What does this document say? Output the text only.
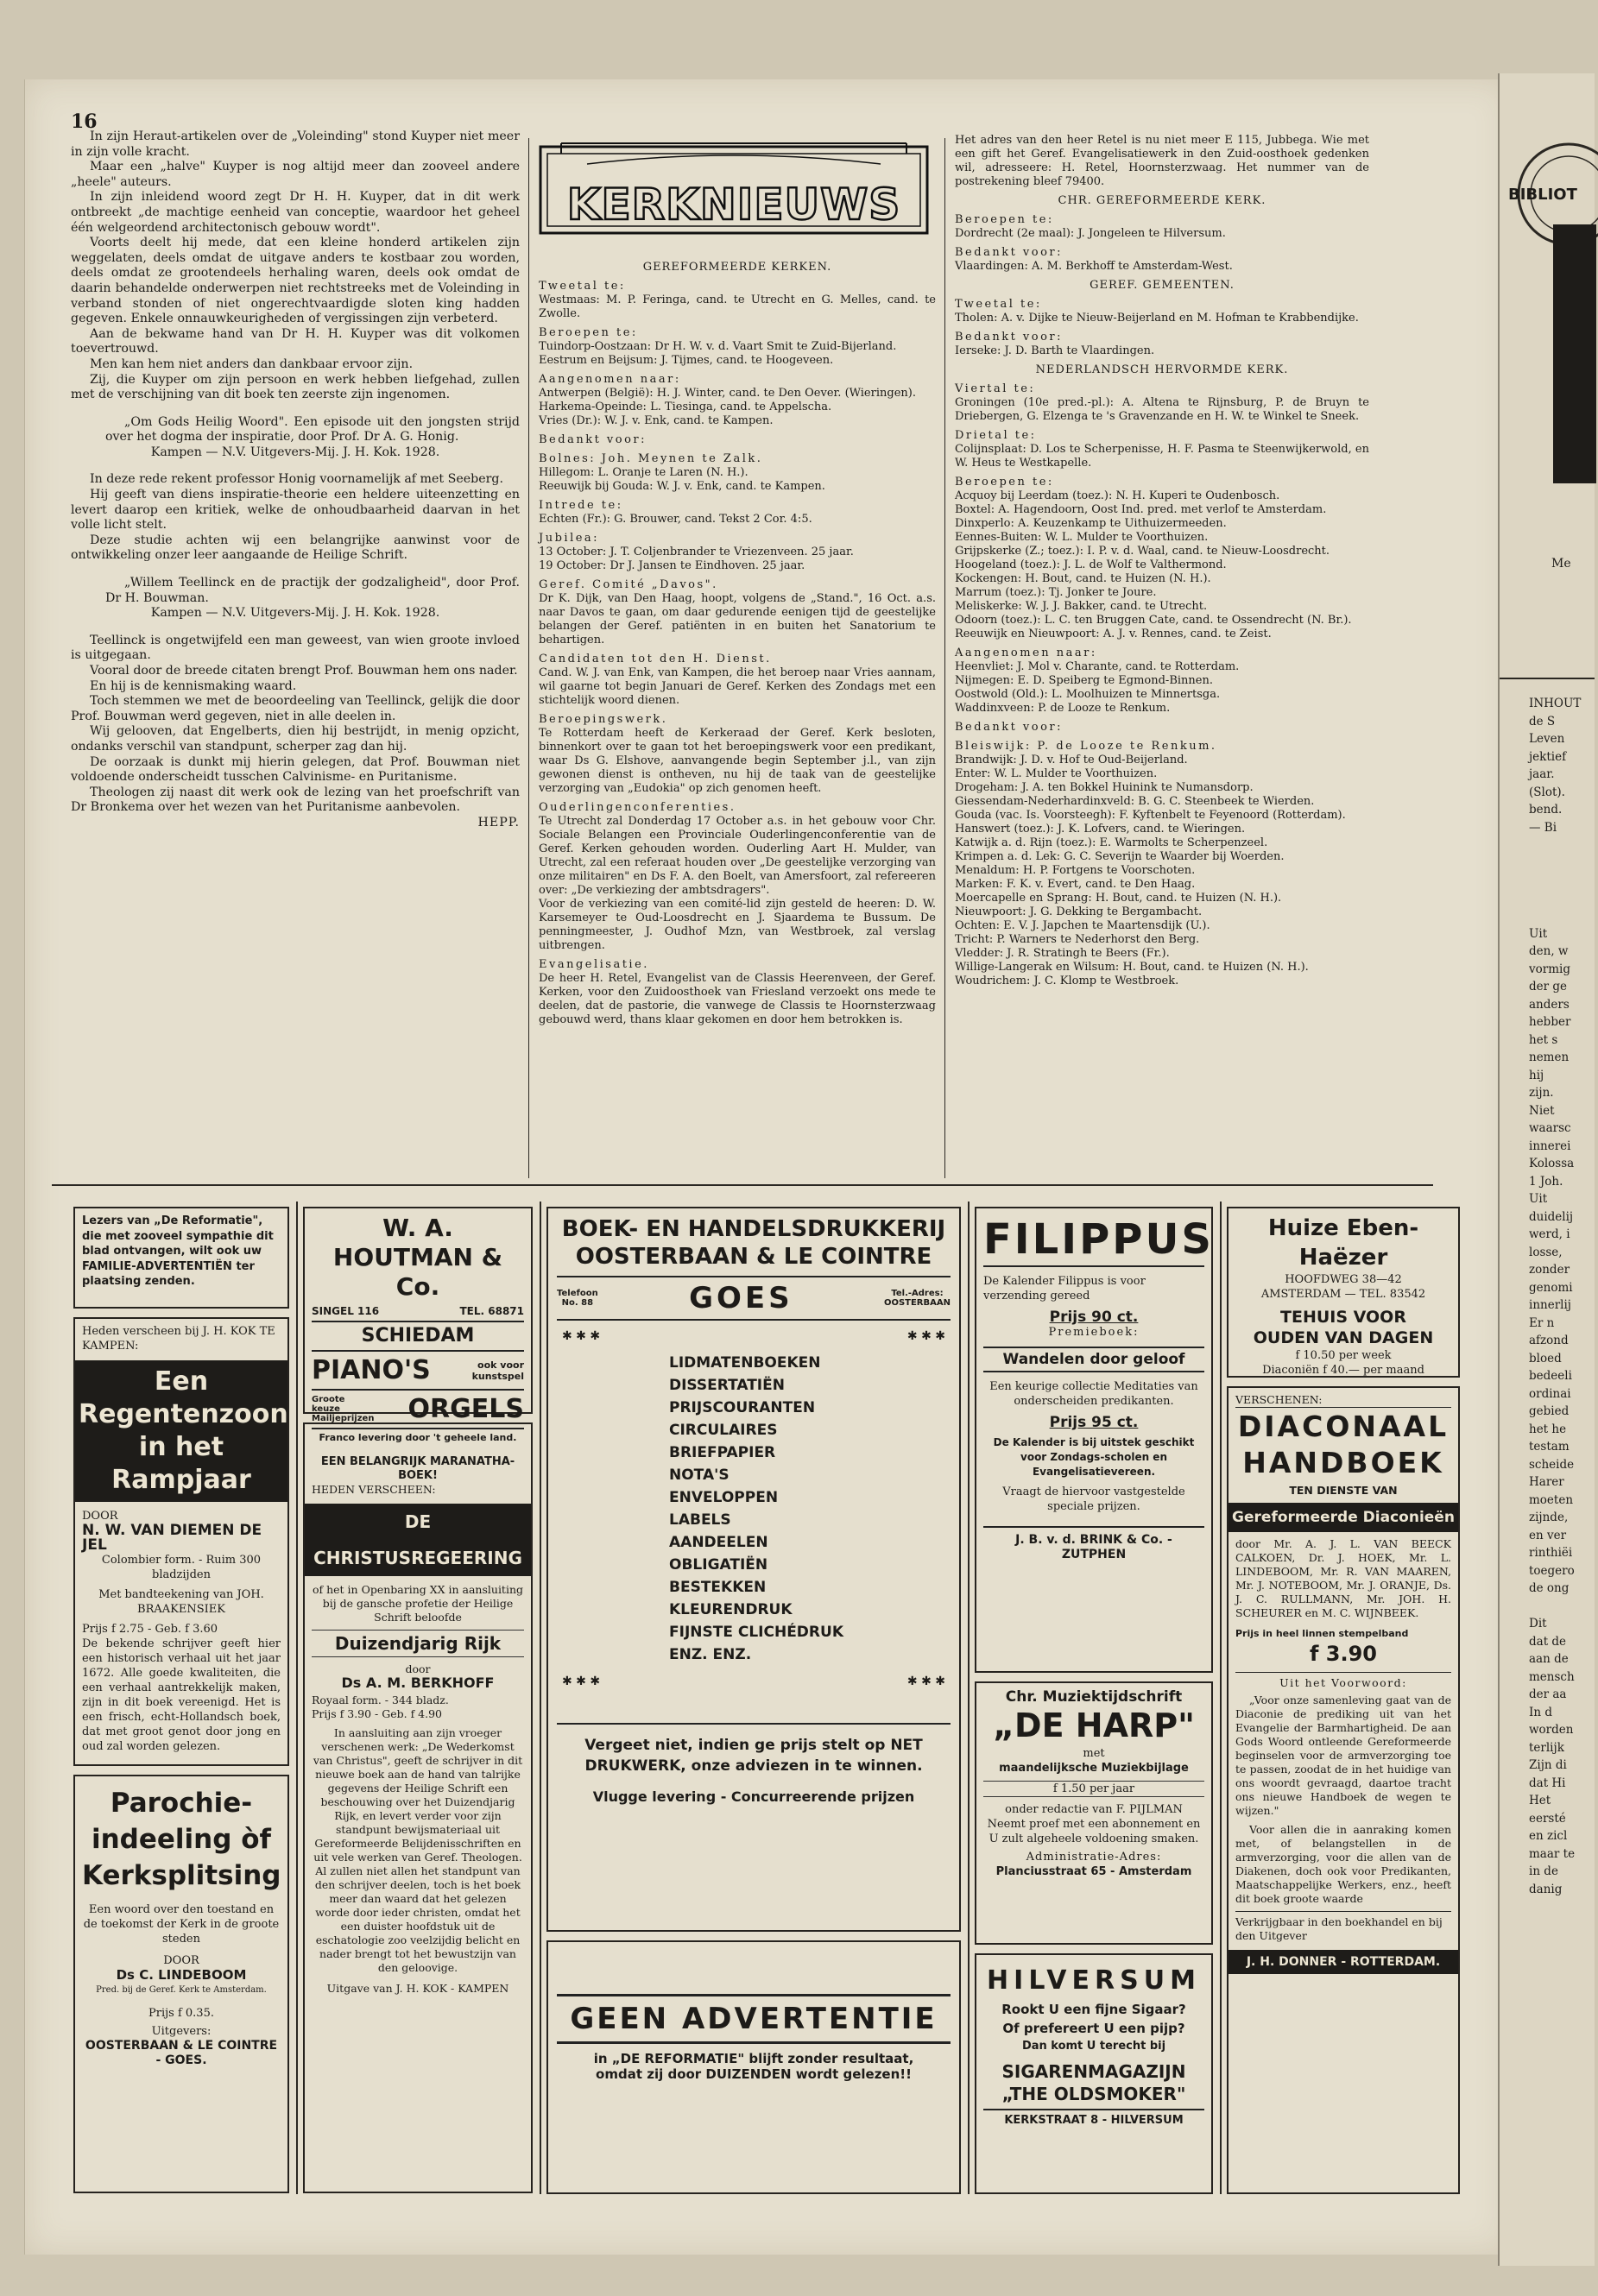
16

In zijn Heraut-artikelen over de „Voleinding" stond Kuyper niet meer in zijn volle kracht.

Maar een „halve" Kuyper is nog altijd meer dan zooveel andere „heele" auteurs.

In zijn inleidend woord zegt Dr H. H. Kuyper, dat in dit werk ontbreekt „de machtige eenheid van conceptie, waardoor het geheel één welgeordend architectonisch gebouw wordt".

Voorts deelt hij mede, dat een kleine honderd artikelen zijn weggelaten, deels omdat de uitgave anders te kostbaar zou worden, deels omdat ze grootendeels herhaling waren, deels ook omdat de daarin behandelde onderwerpen niet rechtstreeks met de Voleinding in verband stonden of niet ongerechtvaardigde sloten king hadden gegeven. Enkele onnauwkeurigheden of vergissingen zijn verbeterd.

Aan de bekwame hand van Dr H. H. Kuyper was dit volkomen toevertrouwd.

Men kan hem niet anders dan dankbaar ervoor zijn.

Zij, die Kuyper om zijn persoon en werk hebben liefgehad, zullen met de verschijning van dit boek ten zeerste zijn ingenomen.

„Om Gods Heilig Woord". Een episode uit den jongsten strijd over het dogma der inspiratie, door Prof. Dr A. G. Honig.

Kampen — N.V. Uitgevers-Mij. J. H. Kok. 1928.

In deze rede rekent professor Honig voornamelijk af met Seeberg.

Hij geeft van diens inspiratie-theorie een heldere uiteenzetting en levert daarop een kritiek, welke de onhoudbaarheid daarvan in het volle licht stelt.

Deze studie achten wij een belangrijke aanwinst voor de ontwikkeling onzer leer aangaande de Heilige Schrift.

„Willem Teellinck en de practijk der godzaligheid", door Prof. Dr H. Bouwman.

Kampen — N.V. Uitgevers-Mij. J. H. Kok. 1928.

Teellinck is ongetwijfeld een man geweest, van wien groote invloed is uitgegaan.

Vooral door de breede citaten brengt Prof. Bouwman hem ons nader.

En hij is de kennismaking waard.

Toch stemmen we met de beoordeeling van Teellinck, gelijk die door Prof. Bouwman werd gegeven, niet in alle deelen in.

Wij gelooven, dat Engelberts, dien hij bestrijdt, in menig opzicht, ondanks verschil van standpunt, scherper zag dan hij.

De oorzaak is dunkt mij hierin gelegen, dat Prof. Bouwman niet voldoende onderscheidt tusschen Calvinisme- en Puritanisme.

Theologen zij naast dit werk ook de lezing van het proefschrift van Dr Bronkema over het wezen van het Puritanisme aanbevolen.

HEPP.

KERKNIEUWS
GEREFORMEERDE KERKEN.
Tweetal te:
Westmaas: M. P. Feringa, cand. te Utrecht en G. Melles, cand. te Zwolle.
Beroepen te:
Tuindorp-Oostzaan: Dr H. W. v. d. Vaart Smit te Zuid-Bijerland.
Eestrum en Beijsum: J. Tijmes, cand. te Hoogeveen.
Aangenomen naar:
Antwerpen (België): H. J. Winter, cand. te Den Oever. (Wieringen).
Harkema-Opeinde: L. Tiesinga, cand. te Appelscha.
Vries (Dr.): W. J. v. Enk, cand. te Kampen.
Bedankt voor:
Bolnes: Joh. Meynen te Zalk.
Hillegom: L. Oranje te Laren (N. H.).
Reeuwijk bij Gouda: W. J. v. Enk, cand. te Kampen.
Intrede te:
Echten (Fr.): G. Brouwer, cand. Tekst 2 Cor. 4:5.
Jubilea:
13 October: J. T. Coljenbrander te Vriezenveen. 25 jaar.
19 October: Dr J. Jansen te Eindhoven. 25 jaar.
Geref. Comité „Davos".
Dr K. Dijk, van Den Haag, hoopt, volgens de „Stand.", 16 Oct. a.s. naar Davos te gaan, om daar gedurende eenigen tijd de geestelijke belangen der Geref. patiënten in en buiten het Sanatorium te behartigen.
Candidaten tot den H. Dienst.
Cand. W. J. van Enk, van Kampen, die het beroep naar Vries aannam, wil gaarne tot begin Januari de Geref. Kerken des Zondags met een stichtelijk woord dienen.
Beroepingswerk.
Te Rotterdam heeft de Kerkeraad der Geref. Kerk besloten, binnenkort over te gaan tot het beroepingswerk voor een predikant, waar Ds G. Elshove, aanvangende begin September j.l., van zijn gewonen dienst is ontheven, nu hij de taak van de geestelijke verzorging van „Eudokia" op zich genomen heeft.
Ouderlingenconferenties.
Te Utrecht zal Donderdag 17 October a.s. in het gebouw voor Chr. Sociale Belangen een Provinciale Ouderlingenconferentie van de Geref. Kerken gehouden worden. Ouderling Aart H. Mulder, van Utrecht, zal een referaat houden over „De geestelijke verzorging van onze militairen" en Ds F. A. den Boelt, van Amersfoort, zal refereeren over: „De verkiezing der ambtsdragers".
Voor de verkiezing van een comité-lid zijn gesteld de heeren: D. W. Karsemeyer te Oud-Loosdrecht en J. Sjaardema te Bussum. De penningmeester, J. Oudhof Mzn, van Westbroek, zal verslag uitbrengen.
Evangelisatie.
De heer H. Retel, Evangelist van de Classis Heerenveen, der Geref. Kerken, voor den Zuidoosthoek van Friesland verzoekt ons mede te deelen, dat de pastorie, die vanwege de Classis te Hoornsterzwaag gebouwd werd, thans klaar gekomen en door hem betrokken is.
Het adres van den heer Retel is nu niet meer E 115, Jubbega. Wie met een gift het Geref. Evangelisatiewerk in den Zuid-oosthoek gedenken wil, adresseere: H. Retel, Hoornsterzwaag. Het nummer van de postrekening bleef 79400.
CHR. GEREFORMEERDE KERK.
Beroepen te:
Dordrecht (2e maal): J. Jongeleen te Hilversum.
Bedankt voor:
Vlaardingen: A. M. Berkhoff te Amsterdam-West.
GEREF. GEMEENTEN.
Tweetal te:
Tholen: A. v. Dijke te Nieuw-Beijerland en M. Hofman te Krabbendijke.
Bedankt voor:
Ierseke: J. D. Barth te Vlaardingen.
NEDERLANDSCH HERVORMDE KERK.
Viertal te:
Groningen (10e pred.-pl.): A. Altena te Rijnsburg, P. de Bruyn te Driebergen, G. Elzenga te 's Gravenzande en H. W. te Winkel te Sneek.
Drietal te:
Colijnsplaat: D. Los te Scherpenisse, H. F. Pasma te Steenwijkerwold, en W. Heus te Westkapelle.
Beroepen te:
Acquoy bij Leerdam (toez.): N. H. Kuperi te Oudenbosch.
Boxtel: A. Hagendoorn, Oost Ind. pred. met verlof te Amsterdam.
Dinxperlo: A. Keuzenkamp te Uithuizermeeden.
Eennes-Buiten: W. L. Mulder te Voorthuizen.
Grijpskerke (Z.; toez.): I. P. v. d. Waal, cand. te Nieuw-Loosdrecht.
Hoogeland (toez.): J. L. de Wolf te Valthermond.
Kockengen: H. Bout, cand. te Huizen (N. H.).
Marrum (toez.): Tj. Jonker te Joure.
Meliskerke: W. J. J. Bakker, cand. te Utrecht.
Odoorn (toez.): L. C. ten Bruggen Cate, cand. te Ossendrecht (N. Br.).
Reeuwijk en Nieuwpoort: A. J. v. Rennes, cand. te Zeist.
Aangenomen naar:
Heenvliet: J. Mol v. Charante, cand. te Rotterdam.
Nijmegen: E. D. Speiberg te Egmond-Binnen.
Oostwold (Old.): L. Moolhuizen te Minnertsga.
Waddinxveen: P. de Looze te Renkum.
Bedankt voor:
Bleiswijk: P. de Looze te Renkum.
Brandwijk: J. D. v. Hof te Oud-Beijerland.
Enter: W. L. Mulder te Voorthuizen.
Drogeham: J. A. ten Bokkel Huinink te Numansdorp.
Giessendam-Nederhardinxveld: B. G. C. Steenbeek te Wierden.
Gouda (vac. Is. Voorsteegh): F. Kyftenbelt te Feyenoord (Rotterdam).
Hanswert (toez.): J. K. Lofvers, cand. te Wieringen.
Katwijk a. d. Rijn (toez.): E. Warmolts te Scherpenzeel.
Krimpen a. d. Lek: G. C. Severijn te Waarder bij Woerden.
Menaldum: H. P. Fortgens te Voorschoten.
Marken: F. K. v. Evert, cand. te Den Haag.
Moercapelle en Sprang: H. Bout, cand. te Huizen (N. H.).
Nieuwpoort: J. G. Dekking te Bergambacht.
Ochten: E. V. J. Japchen te Maartensdijk (U.).
Tricht: P. Warners te Nederhorst den Berg.
Vledder: J. R. Stratingh te Beers (Fr.).
Willige-Langerak en Wilsum: H. Bout, cand. te Huizen (N. H.).
Woudrichem: J. C. Klomp te Westbroek.
Lezers van „De Reformatie", die met zooveel sympathie dit blad ontvangen, wilt ook uw FAMILIE-ADVERTENTIËN ter plaatsing zenden.
Heden verscheen bij J. H. KOK TE KAMPEN:
Een Regentenzoon in het Rampjaar
DOOR
N. W. VAN DIEMEN DE JEL
Colombier form. - Ruim 300 bladzijden
Met bandteekening van JOH. BRAAKENSIEK
Prijs f 2.75 - Geb. f 3.60
De bekende schrijver geeft hier een historisch verhaal uit het jaar 1672. Alle goede kwaliteiten, die een verhaal aantrekkelijk maken, zijn in dit boek vereenigd. Het is een frisch, echt-Hollandsch boek, dat met groot genot door jong en oud zal worden gelezen.
Parochie-indeeling òf Kerksplitsing
Een woord over den toestand en de toekomst der Kerk in de groote steden
DOOR
Ds C. LINDEBOOM
Pred. bij de Geref. Kerk te Amsterdam.
Prijs f 0.35.
Uitgevers:
OOSTERBAAN & LE COINTRE - GOES.
W. A. HOUTMAN & Co.
SINGEL 116	TEL. 68871
SCHIEDAM
PIANO'S	ook voor kunstspel
Groote keuze Mailjeprijzen ORGELS
Franco levering door 't geheele land.
EEN BELANGRIJK MARANATHA-BOEK!
HEDEN VERSCHEEN:
DE CHRISTUSREGEERING
of het in Openbaring XX in aansluiting bij de gansche profetie der Heilige Schrift beloofde
Duizendjarig Rijk
door
Ds A. M. BERKHOFF
Royaal form. - 344 bladz.
Prijs f 3.90 - Geb. f 4.90
In aansluiting aan zijn vroeger verschenen werk: „De Wederkomst van Christus", geeft de schrijver in dit nieuwe boek aan de hand van talrijke gegevens der Heilige Schrift een beschouwing over het Duizendjarig Rijk, en levert verder voor zijn standpunt bewijsmateriaal uit Gereformeerde Belijdenisschriften en uit vele werken van Geref. Theologen. Al zullen niet allen het standpunt van den schrijver deelen, toch is het boek meer dan waard dat het gelezen worde door ieder christen, omdat het een duister hoofdstuk uit de eschatologie zoo veelzijdig belicht en nader brengt tot het bewustzijn van den geloovige.
Uitgave van J. H. KOK - KAMPEN
BOEK- EN HANDELSDRUKKERIJ
OOSTERBAAN & LE COINTRE
Telefoon
No. 88	GOES	Tel.-Adres:
OOSTERBAAN
✱ ✱ ✱	✱ ✱ ✱
LIDMATENBOEKEN
DISSERTATIËN
PRIJSCOURANTEN
CIRCULAIRES
BRIEFPAPIER
NOTA'S
ENVELOPPEN
LABELS
AANDEELEN
OBLIGATIËN
BESTEKKEN
KLEURENDRUK
FIJNSTE CLICHÉDRUK
ENZ. ENZ.
✱ ✱ ✱	✱ ✱ ✱
Vergeet niet, indien ge prijs stelt op NET DRUKWERK, onze adviezen in te winnen.
Vlugge levering - Concurreerende prijzen
GEEN ADVERTENTIE
in „DE REFORMATIE" blijft zonder resultaat,
omdat zij door DUIZENDEN wordt gelezen!!
FILIPPUS
De Kalender Filippus is voor verzending gereed
Prijs 90 ct.
Premieboek:
Wandelen door geloof
Een keurige collectie Meditaties van onderscheiden predikanten.
Prijs 95 ct.
De Kalender is bij uitstek geschikt voor Zondags-scholen en Evangelisatievereen.
Vraagt de hiervoor vastgestelde speciale prijzen.
J. B. v. d. BRINK & Co. - ZUTPHEN
Chr. Muziektijdschrift
„DE HARP"
met
maandelijksche Muziekbijlage
f 1.50 per jaar
onder redactie van F. PIJLMAN
Neemt proef met een abonnement en U zult algeheele voldoening smaken.
Administratie-Adres:
Planciusstraat 65 - Amsterdam
HILVERSUM
Rookt U een fijne Sigaar?
Of prefereert U een pijp?
Dan komt U terecht bij
SIGARENMAGAZIJN
„THE OLDSMOKER"
KERKSTRAAT 8 - HILVERSUM
Huize Eben-Haëzer
HOOFDWEG 38—42
AMSTERDAM — TEL. 83542
TEHUIS VOOR
OUDEN VAN DAGEN
f 10.50 per week
Diaconiën f 40.— per maand
VERSCHENEN:
DIACONAAL
HANDBOEK
TEN DIENSTE VAN
Gereformeerde Diaconieën
door Mr. A. J. L. VAN BEECK CALKOEN, Dr. J. HOEK, Mr. L. LINDEBOOM, Mr. R. VAN MAAREN, Mr. J. NOTEBOOM, Mr. J. ORANJE, Ds. J. C. RULLMANN, Mr. JOH. H. SCHEURER en M. C. WIJNBEEK.
Prijs in heel linnen stempelband
f 3.90
Uit het Voorwoord:
„Voor onze samenleving gaat van de Diaconie de prediking uit van het Evangelie der Barmhartigheid. De aan Gods Woord ontleende Gereformeerde beginselen voor de armverzorging toe te passen, zoodat de in het huidige van ons woordt gevraagd, daartoe tracht ons nieuwe Handboek de wegen te wijzen."
Voor allen die in aanraking komen met, of belangstellen in de armverzorging, voor die allen van de Diakenen, doch ook voor Predikanten, Maatschappelijke Werkers, enz., heeft dit boek groote waarde
Verkrijgbaar in den boekhandel en bij den Uitgever
J. H. DONNER - ROTTERDAM.
BIBLIOT
Me
INHOUT
de S
Leven
jektief
jaar.
(Slot).
bend.
— Bi

Uit
den, w
vormig
der ge
anders
hebber
het s
nemen
hij
zijn.
Niet
waarsc
innerei
Kolossa
1 Joh.
Uit
duidelij
werd, i
losse,
zonder
genomi
innerlij
Er n
afzond
bloed
bedeeli
ordinai
gebied
het he
testam
scheide
Harer
moeten
zijnde,
en ver
rinthiëi
toegero
de ong

Dit
dat de
aan de
mensch
der aa
In d
worden
terlijk
Zijn di
dat Hi
Het
eersté
en zicl
maar te
in de
danig
